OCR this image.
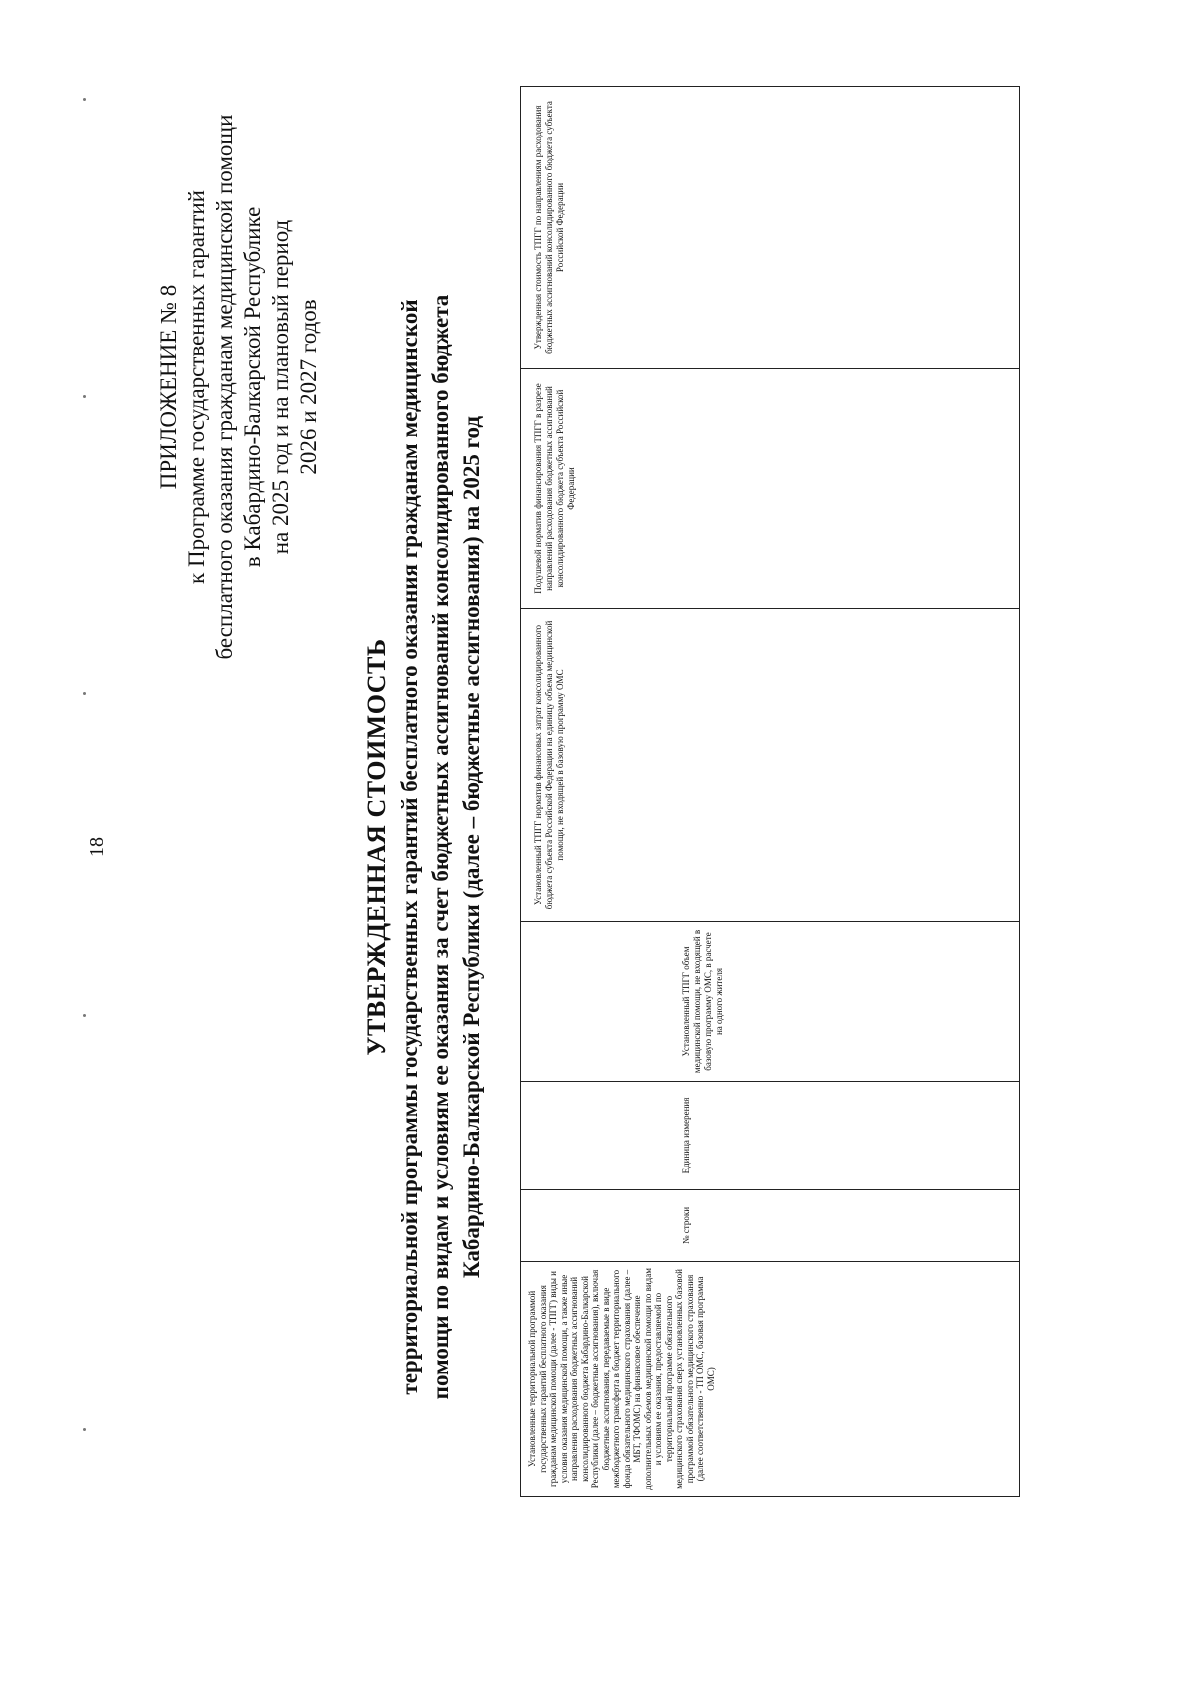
18
ПРИЛОЖЕНИЕ № 8 к Программе государственных гарантий бесплатного оказания гражданам медицинской помощи в Кабардино-Балкарской Республике на 2025 год и на плановый период 2026 и 2027 годов
УТВЕРЖДЕННАЯ СТОИМОСТЬ территориальной программы государственных гарантий бесплатного оказания гражданам медицинской помощи по видам и условиям ее оказания за счет бюджетных ассигнований консолидированного бюджета Кабардино-Балкарской Республики (далее – бюджетные ассигнования) на 2025 год
Установленные территориальной программой государственных гарантий бесплатного оказания гражданам медицинской помощи (далее - ТПГГ) виды и условия оказания медицинской помощи, а также иные направления расходования бюджетных ассигнований консолидированного бюджета Кабардино-Балкарской Республики (далее – бюджетные ассигнования), включая бюджетные ассигнования, передаваемые в виде межбюджетного трансферта в бюджет территориального фонда обязательного медицинского страхования (далее – МБТ, ТФОМС) на финансовое обеспечение дополнительных объемов медицинской помощи по видам и условиям ее оказания, предоставляемой по территориальной программе обязательного медицинского страхования сверх установленных базовой программой обязательного медицинского страхования (далее соответственно - ТП ОМС, базовая программа ОМС)	№ строки	Единица измерения	Установленный ТПГГ объем медицинской помощи, не входящей в базовую программу ОМС, в расчете на одного жителя	Установленный ТПГГ норматив финансовых затрат консолидированного бюджета субъекта Российской Федерации на единицу объема медицинской помощи, не входящей в базовую программу ОМС	Подушевой норматив финансирования ТПГГ в разрезе направлений расходования бюджетных ассигнований консолидированного бюджета субъекта Российской Федерации	Утвержденная стоимость ТПГГ по направлениям расходования бюджетных ассигнований консолидированного бюджета субъекта Российской Федерации
